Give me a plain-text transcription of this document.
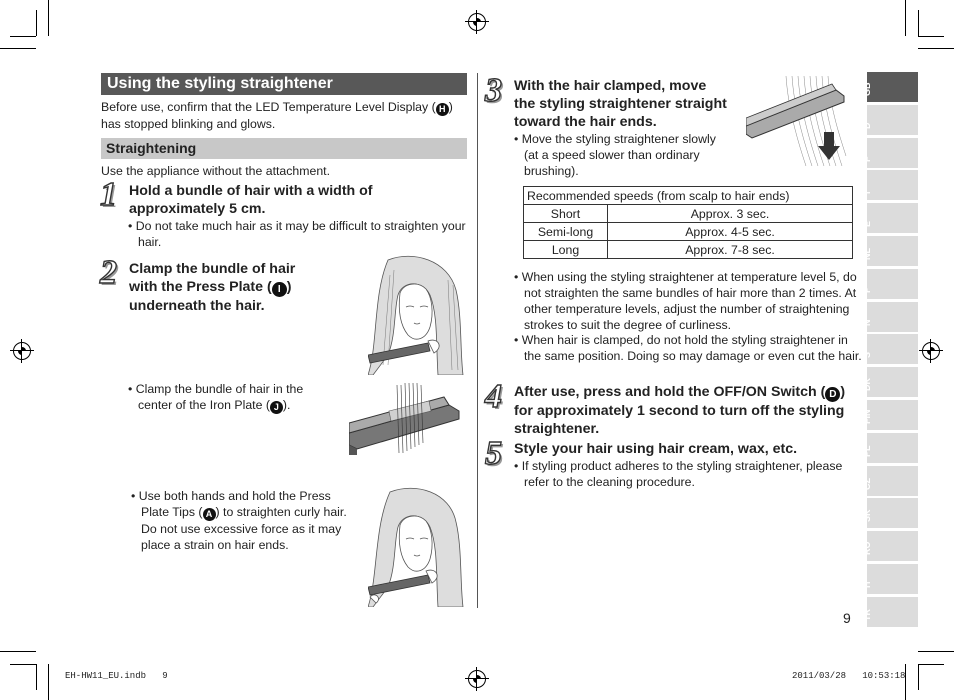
Using the styling straightener
Before use, confirm that the LED Temperature Level Display ( H ) has stopped blinking and glows.
Straightening
Use the appliance without the attachment.
1 Hold a bundle of hair with a width of approximately 5 cm.
• Do not take much hair as it may be difficult to straighten your hair.
2 Clamp the bundle of hair with the Press Plate ( I ) underneath the hair.
• Clamp the bundle of hair in the center of the Iron Plate ( J ).
• Use both hands and hold the Press Plate Tips ( A ) to straighten curly hair.
Do not use excessive force as it may place a strain on hair ends.
3 With the hair clamped, move the styling straightener straight toward the hair ends.
• Move the styling straightener slowly (at a speed slower than ordinary brushing).
Recommended speeds (from scalp to hair ends)	
Short	Approx. 3 sec.
Semi-long	Approx. 4-5 sec.
Long	Approx. 7-8 sec.
• When using the styling straightener at temperature level 5, do not straighten the same bundles of hair more than 2 times. At other temperature levels, adjust the number of straightening strokes to suit the degree of curliness.
• When hair is clamped, do not hold the styling straightener in the same position. Doing so may damage or even cut the hair.
4 After use, press and hold the OFF/ON Switch ( D ) for approximately 1 second to turn off the styling straightener.
5 Style your hair using hair cream, wax, etc.
• If styling product adheres to the styling straightener, please refer to the cleaning procedure.
GB
D
F
I
E
NL
P
N
S
DK
FIN
PL
CZ
SK
RO
H
TR
9
EH-HW11_EU.indb   9	2011/03/28   10:53:18
